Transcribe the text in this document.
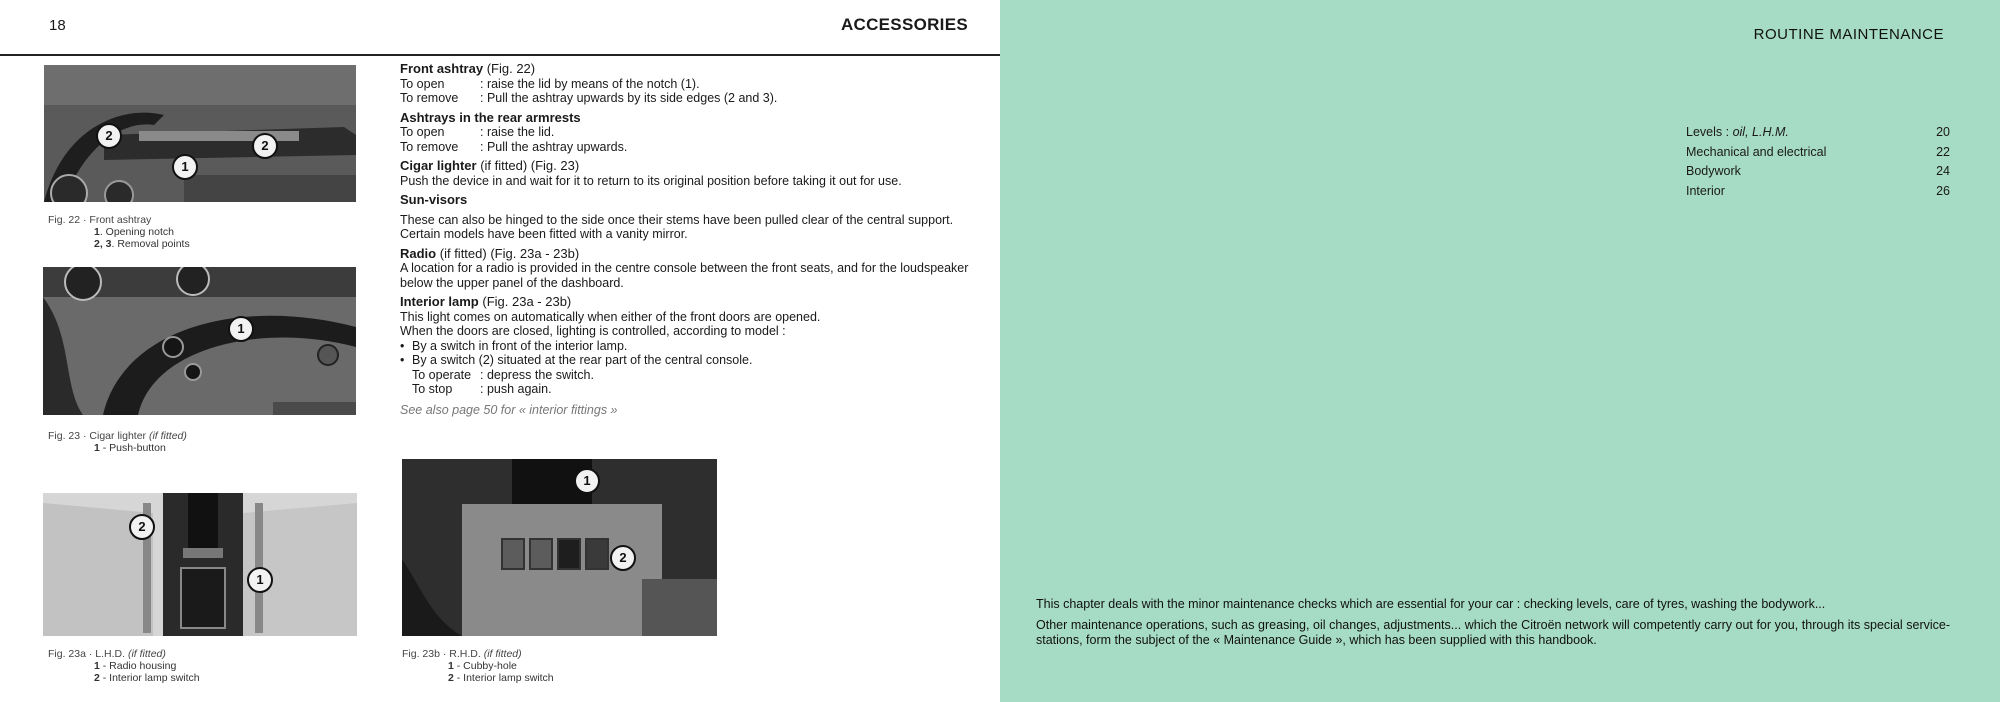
18	ACCESSORIES
2
2
1
Fig. 22 · Front ashtray
1. Opening notch
2, 3. Removal points
1
Fig. 23 · Cigar lighter (if fitted)
1 - Push-button
2
1
Fig. 23a · L.H.D. (if fitted)
1 - Radio housing
2 - Interior lamp switch
1
2
Fig. 23b · R.H.D. (if fitted)
1 - Cubby-hole
2 - Interior lamp switch
Front ashtray (Fig. 22)
To open	: raise the lid by means of the notch (1).
To remove	: Pull the ashtray upwards by its side edges (2 and 3).
Ashtrays in the rear armrests
To open	: raise the lid.
To remove	: Pull the ashtray upwards.
Cigar lighter (if fitted) (Fig. 23)

Push the device in and wait for it to return to its original position before taking it out for use.

Sun-visors

These can also be hinged to the side once their stems have been pulled clear of the central support.

Certain models have been fitted with a vanity mirror.

Radio (if fitted) (Fig. 23a - 23b)

A location for a radio is provided in the centre console between the front seats, and for the loudspeaker below the upper panel of the dashboard.

Interior lamp (Fig. 23a - 23b)

This light comes on automatically when either of the front doors are opened.

When the doors are closed, lighting is controlled, according to model :

• By a switch in front of the interior lamp.
• By a switch (2) situated at the rear part of the central console.
To operate : depress the switch.
To stop	: push again.

See also page 50 for « interior fittings »

ROUTINE MAINTENANCE
Levels : oil, L.H.M.	20
Mechanical and electrical	22
Bodywork	24
Interior	26

This chapter deals with the minor maintenance checks which are essential for your car : checking levels, care of tyres, washing the bodywork...

Other maintenance operations, such as greasing, oil changes, adjustments... which the Citroën network will competently carry out for you, through its special service-stations, form the subject of the « Maintenance Guide », which has been supplied with this handbook.
